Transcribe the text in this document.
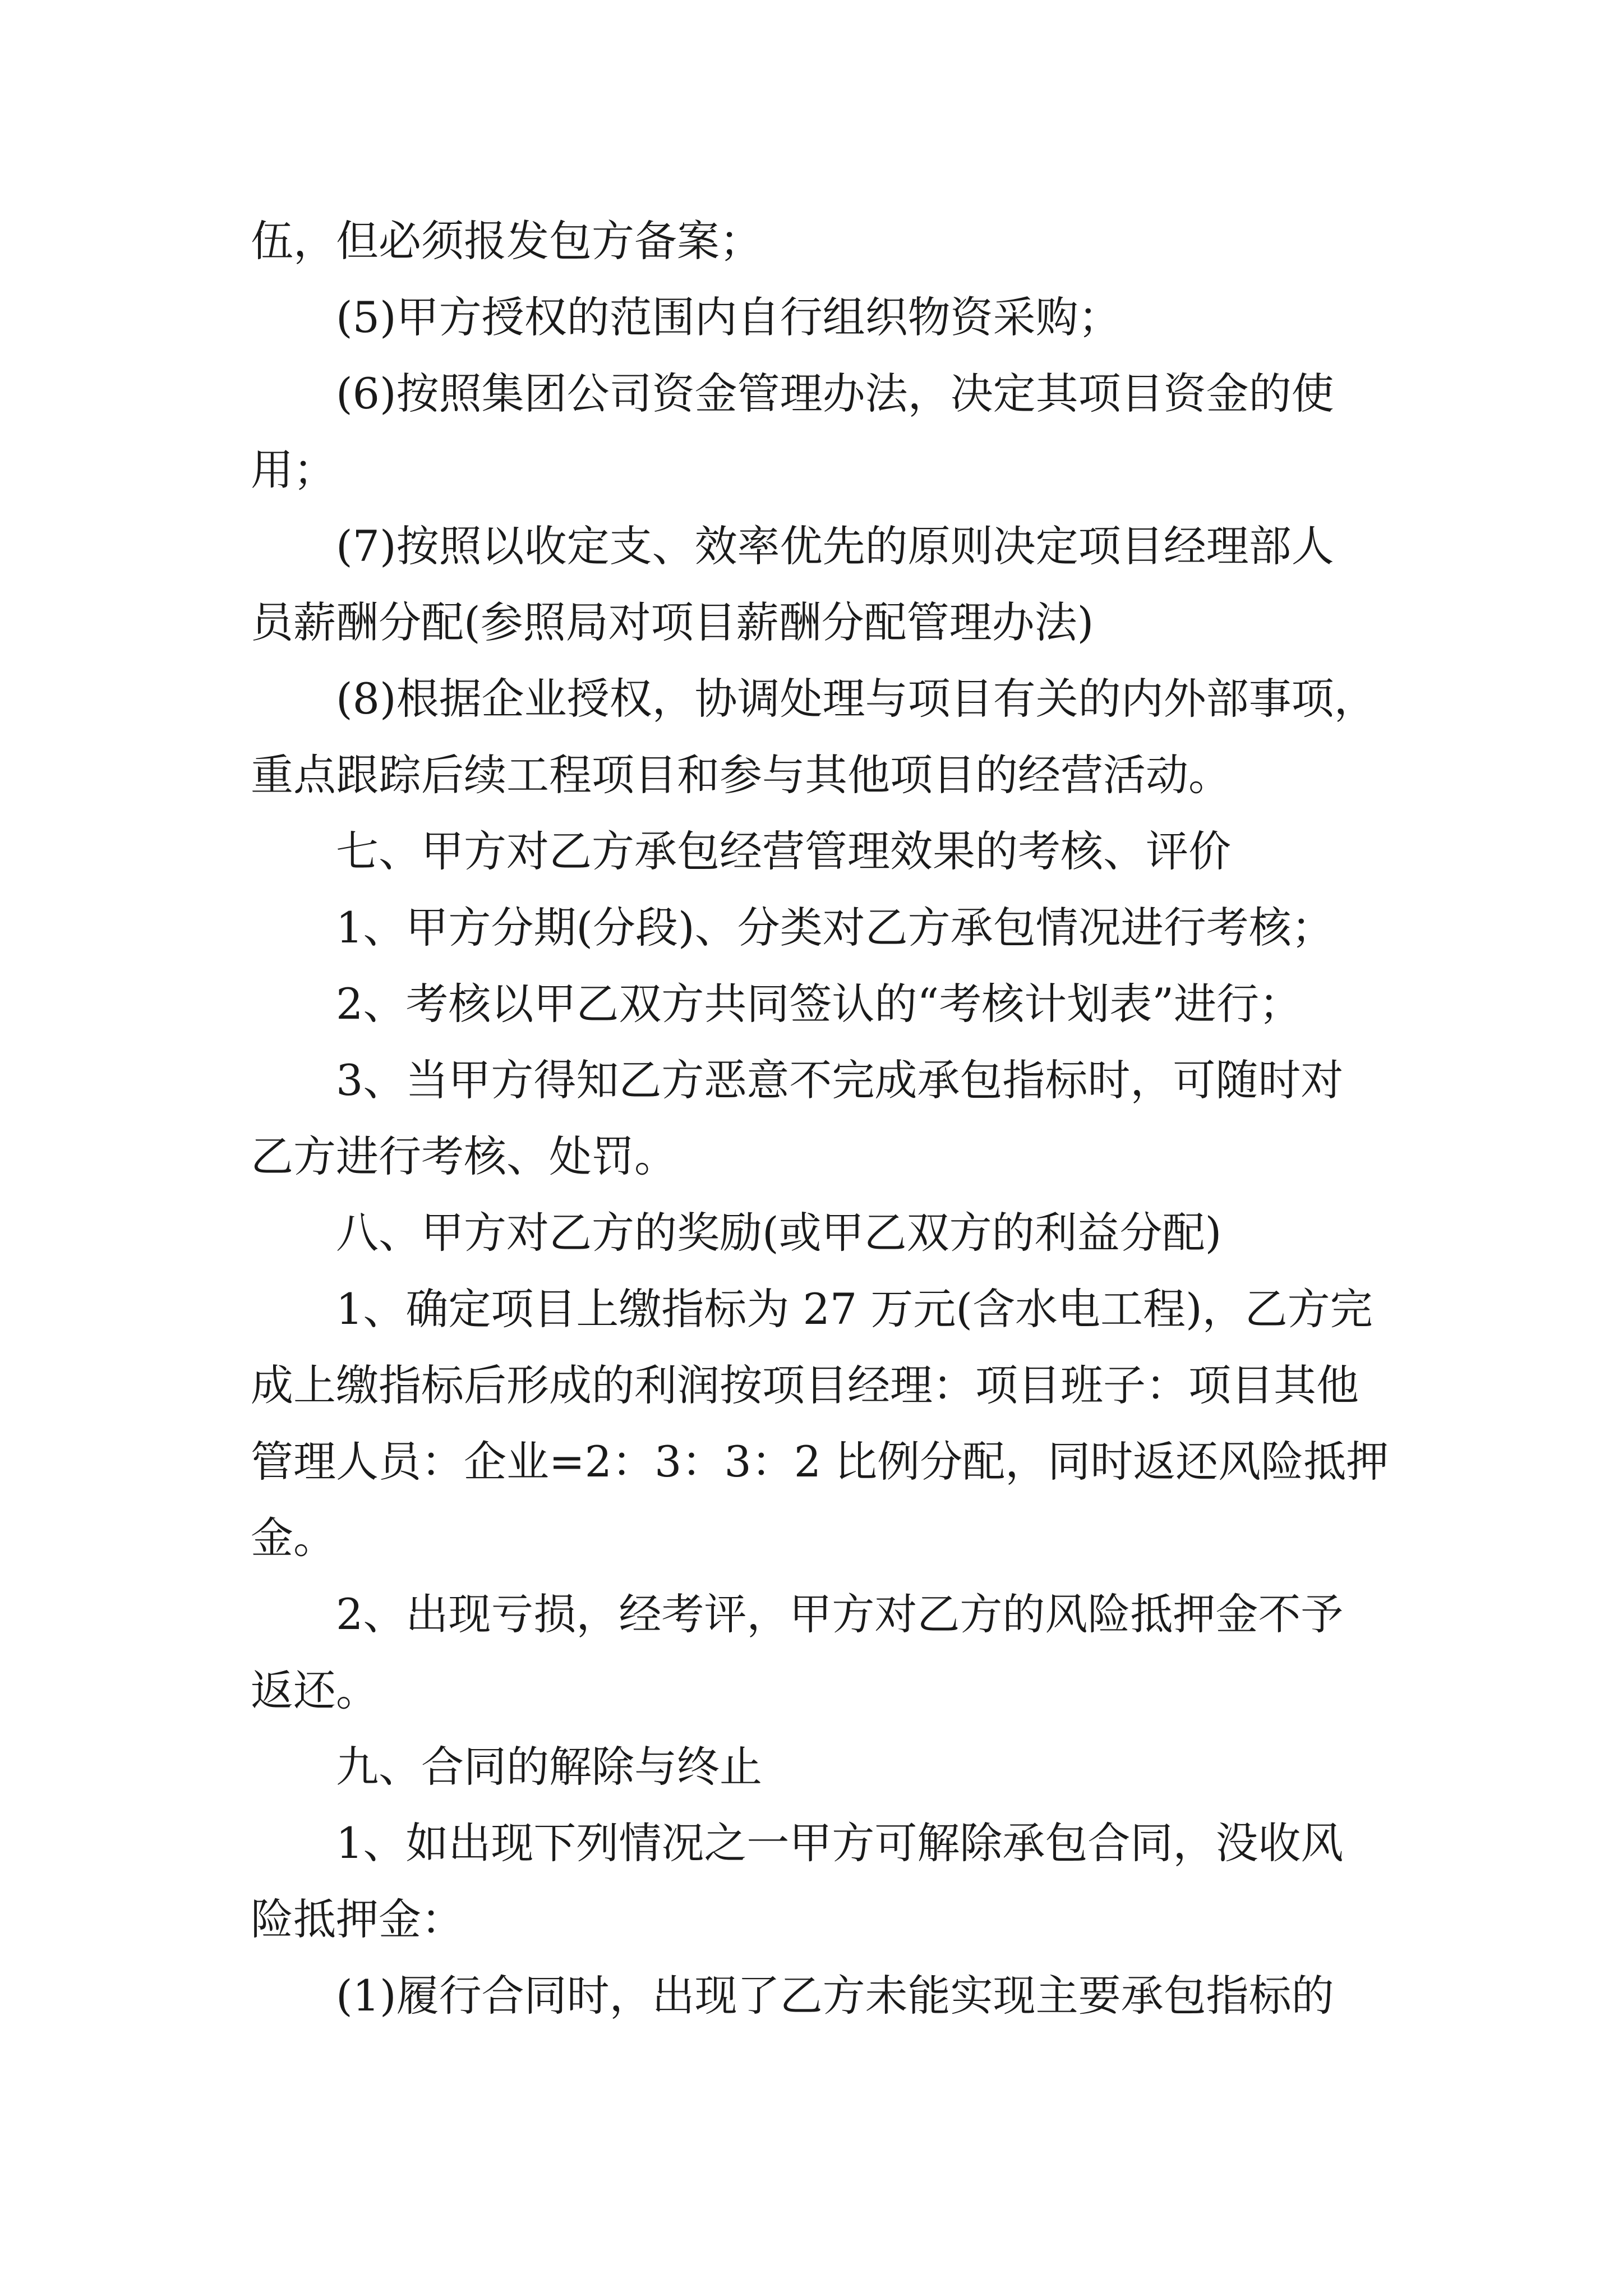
伍，但必须报发包方备案；
(5)甲方授权的范围内自行组织物资采购；
(6)按照集团公司资金管理办法，决定其项目资金的使
用；
(7)按照以收定支、效率优先的原则决定项目经理部人
员薪酬分配(参照局对项目薪酬分配管理办法)
(8)根据企业授权，协调处理与项目有关的内外部事项，
重点跟踪后续工程项目和参与其他项目的经营活动。
七、甲方对乙方承包经营管理效果的考核、评价
1、甲方分期(分段)、分类对乙方承包情况进行考核；
2、考核以甲乙双方共同签认的“考核计划表”进行；
3、当甲方得知乙方恶意不完成承包指标时，可随时对
乙方进行考核、处罚。
八、甲方对乙方的奖励(或甲乙双方的利益分配)
1、确定项目上缴指标为 27 万元(含水电工程)，乙方完
成上缴指标后形成的利润按项目经理：项目班子：项目其他
管理人员：企业=2：3：3：2 比例分配，同时返还风险抵押
金。
2、出现亏损，经考评，甲方对乙方的风险抵押金不予
返还。
九、合同的解除与终止
1、如出现下列情况之一甲方可解除承包合同，没收风
险抵押金：
(1)履行合同时，出现了乙方未能实现主要承包指标的
